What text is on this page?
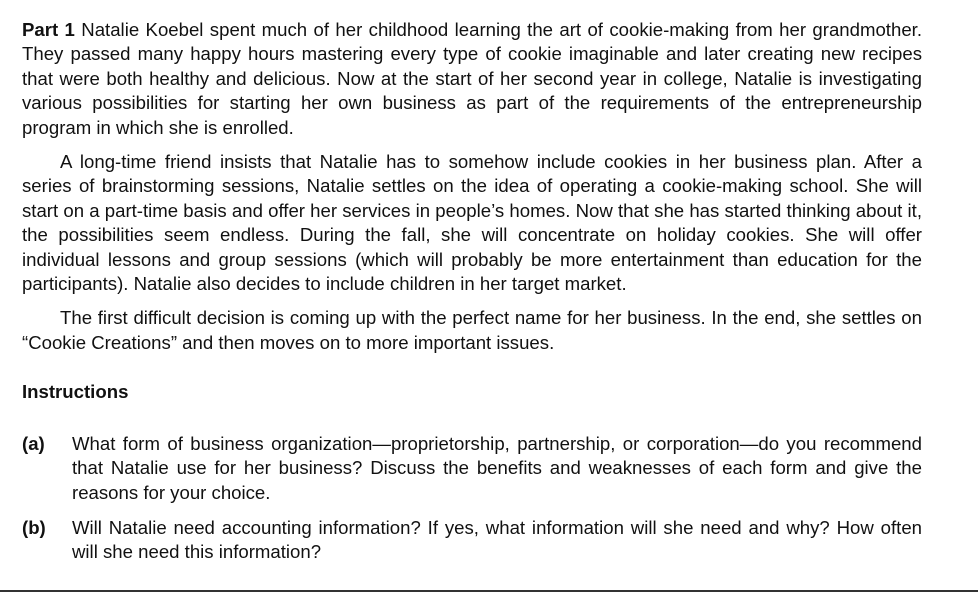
Part 1 Natalie Koebel spent much of her childhood learning the art of cookie-making from her grandmother. They passed many happy hours mastering every type of cookie imaginable and later creating new recipes that were both healthy and delicious. Now at the start of her second year in college, Natalie is investigating various possibilities for starting her own business as part of the requirements of the entrepreneurship program in which she is enrolled.

A long-time friend insists that Natalie has to somehow include cookies in her business plan. After a series of brainstorming sessions, Natalie settles on the idea of operating a cookie-making school. She will start on a part-time basis and offer her services in people’s homes. Now that she has started thinking about it, the possibilities seem endless. During the fall, she will concentrate on holiday cookies. She will offer individual lessons and group sessions (which will probably be more entertainment than education for the participants). Natalie also decides to include children in her target market.

The first difficult decision is coming up with the perfect name for her business. In the end, she settles on “Cookie Creations” and then moves on to more important issues.

Instructions
(a)	What form of business organization—proprietorship, partnership, or corporation—do you recommend that Natalie use for her business? Discuss the benefits and weaknesses of each form and give the reasons for your choice.
(b)	Will Natalie need accounting information? If yes, what information will she need and why? How often will she need this information?
